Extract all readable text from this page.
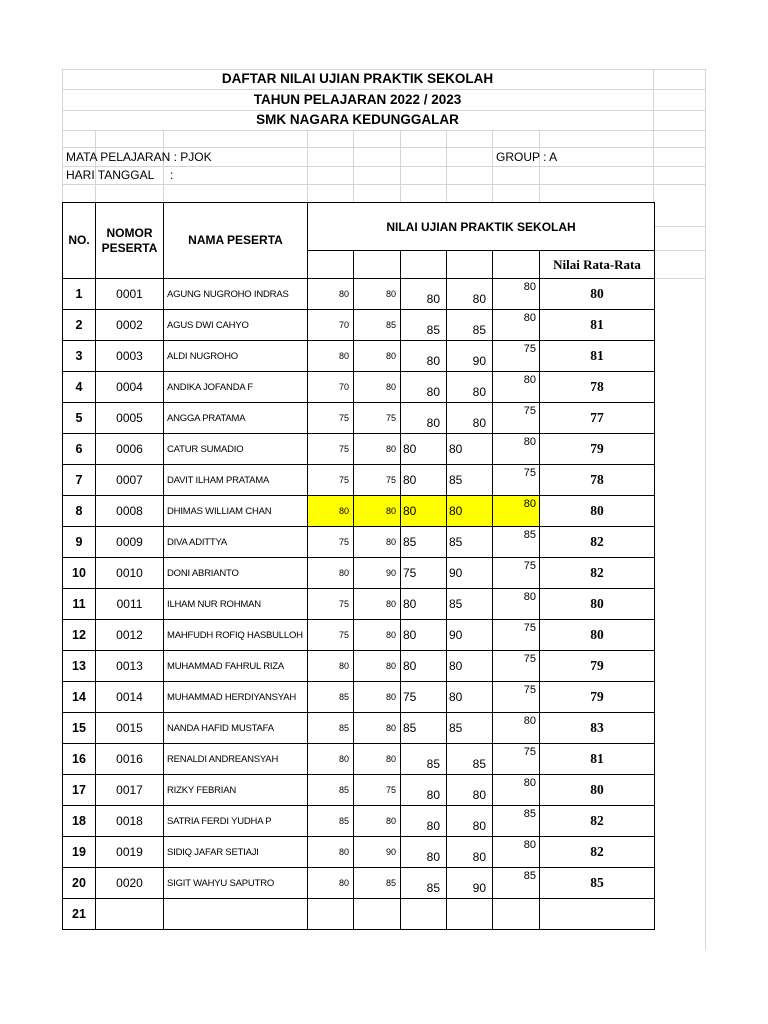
DAFTAR NILAI UJIAN PRAKTIK SEKOLAH
TAHUN PELAJARAN 2022 / 2023
SMK NAGARA KEDUNGGALAR
MATA PELAJARAN : PJOK	GROUP : A
HARI TANGGAL :
NO.	NOMOR PESERTA	NAMA PESERTA	NILAI UJIAN PRAKTIK SEKOLAH					
								Nilai Rata-Rata
1	0001	AGUNG NUGROHO INDRAS	80	80	80	80	80	80
2	0002	AGUS DWI CAHYO	70	85	85	85	80	81
3	0003	ALDI NUGROHO	80	80	80	90	75	81
4	0004	ANDIKA JOFANDA F	70	80	80	80	80	78
5	0005	ANGGA PRATAMA	75	75	80	80	75	77
6	0006	CATUR SUMADIO	75	80	80	80	80	79
7	0007	DAVIT ILHAM PRATAMA	75	75	80	85	75	78
8	0008	DHIMAS WILLIAM CHAN	80	80	80	80	80	80
9	0009	DIVA ADITTYA	75	80	85	85	85	82
10	0010	DONI ABRIANTO	80	90	75	90	75	82
11	0011	ILHAM NUR ROHMAN	75	80	80	85	80	80
12	0012	MAHFUDH ROFIQ HASBULLOH	75	80	80	90	75	80
13	0013	MUHAMMAD FAHRUL RIZA	80	80	80	80	75	79
14	0014	MUHAMMAD HERDIYANSYAH	85	80	75	80	75	79
15	0015	NANDA HAFID MUSTAFA	85	80	85	85	80	83
16	0016	RENALDI ANDREANSYAH	80	80	85	85	75	81
17	0017	RIZKY FEBRIAN	85	75	80	80	80	80
18	0018	SATRIA FERDI YUDHA P	85	80	80	80	85	82
19	0019	SIDIQ JAFAR SETIAJI	80	90	80	80	80	82
20	0020	SIGIT WAHYU SAPUTRO	80	85	85	90	85	85
21								
